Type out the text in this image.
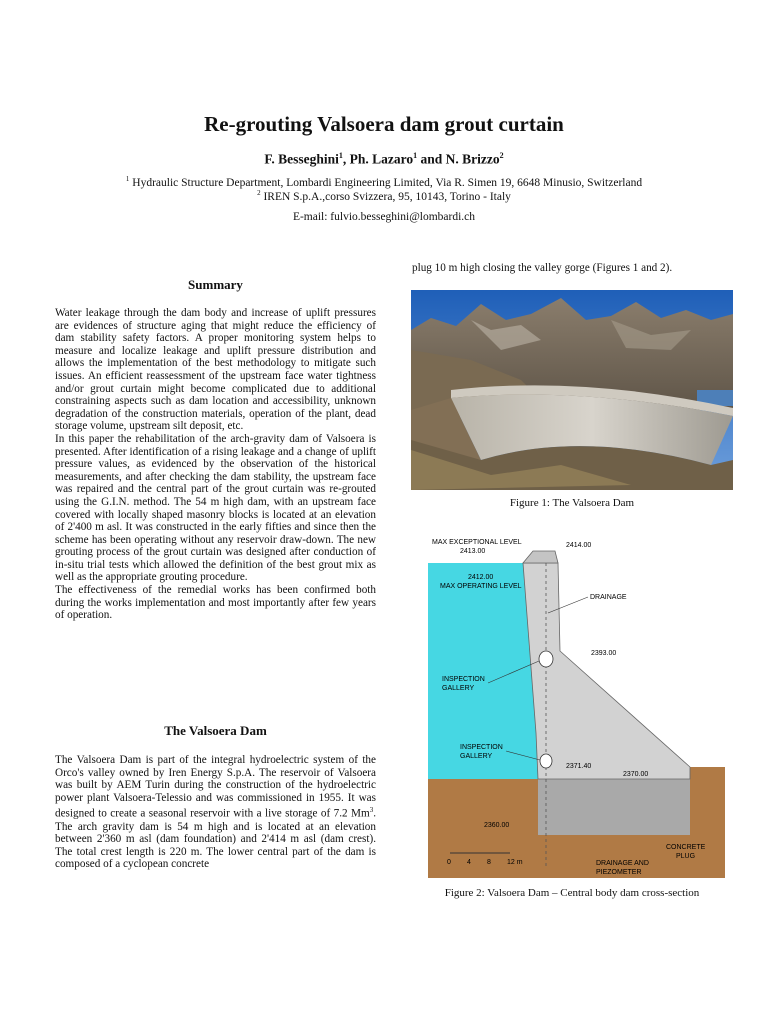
Re-grouting Valsoera dam grout curtain
F. Besseghini$^1$, Ph. Lazaro$^1$ and N. Brizzo$^2$
$^1$ Hydraulic Structure Department, Lombardi Engineering Limited, Via R. Simen 19, 6648 Minusio, Switzerland
$^2$ IREN S.p.A.,corso Svizzera, 95, 10143, Torino - Italy
E-mail: fulvio.besseghini@lombardi.ch
Summary
Water leakage through the dam body and increase of uplift pressures are evidences of structure aging that might reduce the efficiency of dam stability safety factors. A proper monitoring system helps to measure and localize leakage and uplift pressure distribution and allows the implementation of the best methodology to mitigate such issues. An efficient reassessment of the upstream face water tightness and/or grout curtain might become complicated due to additional constraining aspects such as dam location and accessibility, unknown degradation of the construction materials, operation of the plant, dead storage volume, upstream silt deposit, etc.
In this paper the rehabilitation of the arch-gravity dam of Valsoera is presented. After identification of a rising leakage and a change of uplift pressure values, as evidenced by the observation of the historical measurements, and after checking the dam stability, the upstream face was repaired and the central part of the grout curtain was re-grouted using the G.I.N. method. The 54 m high dam, with an upstream face covered with locally shaped masonry blocks is located at an elevation of 2'400 m asl. It was constructed in the early fifties and since then the scheme has been operating without any reservoir draw-down. The new grouting process of the grout curtain was designed after conduction of in-situ trial tests which allowed the definition of the best grout mix as well as the appropriate grouting procedure.
The effectiveness of the remedial works has been confirmed both during the works implementation and most importantly after few years of operation.
The Valsoera Dam
The Valsoera Dam is part of the integral hydroelectric system of the Orco's valley owned by Iren Energy S.p.A. The reservoir of Valsoera was built by AEM Turin during the construction of the hydroelectric power plant Valsoera-Telessio and was commissioned in 1955. It was designed to create a seasonal reservoir with a live storage of 7.2 Mm$^3$. The arch gravity dam is 54 m high and is located at an elevation between 2'360 m asl (dam foundation) and 2'414 m asl (dam crest). The total crest length is 220 m. The lower central part of the dam is composed of a cyclopean concrete
plug 10 m high closing the valley gorge (Figures 1 and 2).
Figure 1: The Valsoera Dam
MAX EXCEPTIONAL LEVEL
2413.00
2414.00
2412.00
MAX OPERATING LEVEL
DRAINAGE
2393.00
INSPECTION
GALLERY
INSPECTION
GALLERY
2371.40
2370.00
2360.00
CONCRETE
PLUG
DRAINAGE AND
PIEZOMETER
0 4 8 12 m
Figure 2: Valsoera Dam – Central body dam cross-section
